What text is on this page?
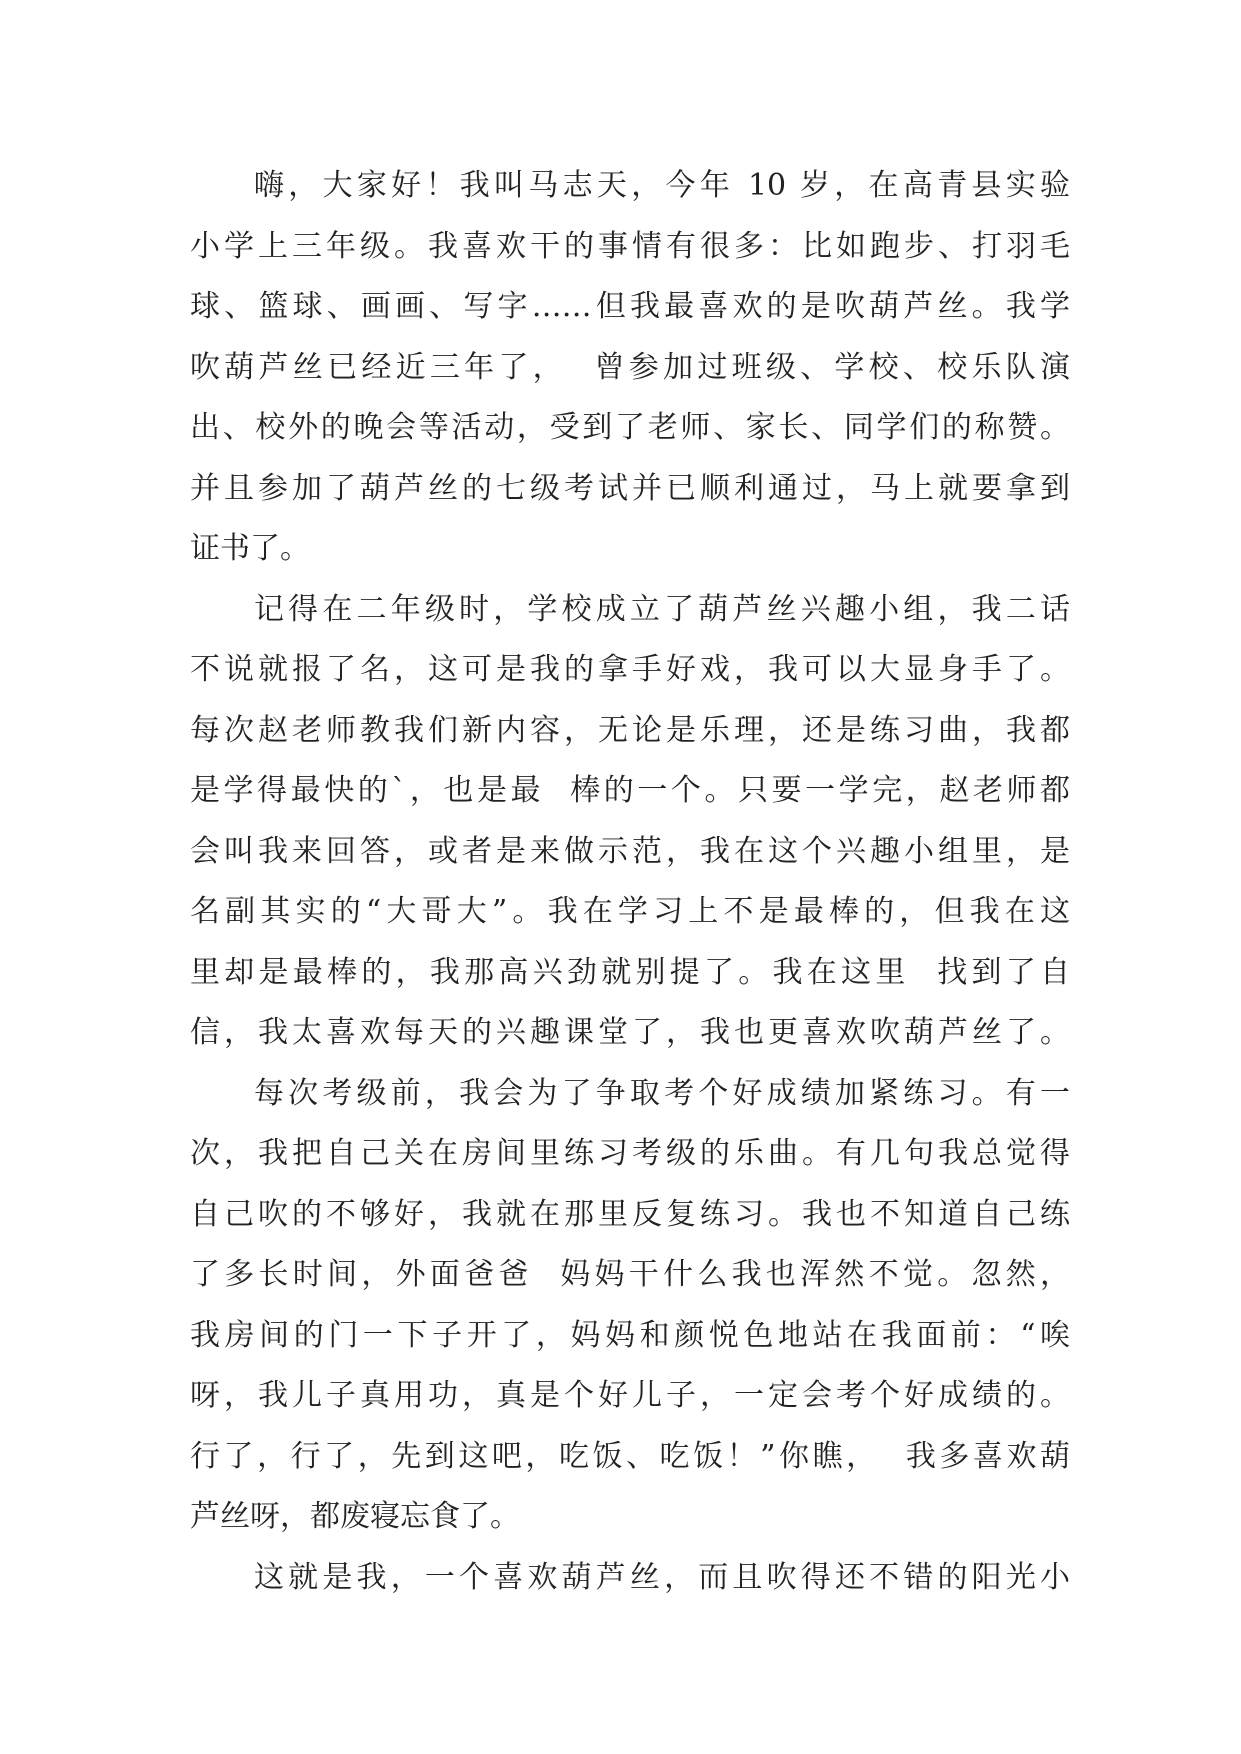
嗨，大家好！我叫马志天，今年 10 岁，在高青县实验
小学上三年级。我喜欢干的事情有很多：比如跑步、打羽毛
球、篮球、画画、写字……但我最喜欢的是吹葫芦丝。我学
吹葫芦丝已经近三年了，  曾参加过班级、学校、校乐队演
出、校外的晚会等活动，受到了老师、家长、同学们的称赞。
并且参加了葫芦丝的七级考试并已顺利通过，马上就要拿到
证书了。
记得在二年级时，学校成立了葫芦丝兴趣小组，我二话
不说就报了名，这可是我的拿手好戏，我可以大显身手了。
每次赵老师教我们新内容，无论是乐理，还是练习曲，我都
是学得最快的`，也是最  棒的一个。只要一学完，赵老师都
会叫我来回答，或者是来做示范，我在这个兴趣小组里，是
名副其实的“大哥大”。我在学习上不是最棒的，但我在这
里却是最棒的，我那高兴劲就别提了。我在这里  找到了自
信，我太喜欢每天的兴趣课堂了，我也更喜欢吹葫芦丝了。
每次考级前，我会为了争取考个好成绩加紧练习。有一
次，我把自己关在房间里练习考级的乐曲。有几句我总觉得
自己吹的不够好，我就在那里反复练习。我也不知道自己练
了多长时间，外面爸爸  妈妈干什么我也浑然不觉。忽然，
我房间的门一下子开了，妈妈和颜悦色地站在我面前：“唉
呀，我儿子真用功，真是个好儿子，一定会考个好成绩的。
行了，行了，先到这吧，吃饭、吃饭！”你瞧，  我多喜欢葫
芦丝呀，都废寝忘食了。
这就是我，一个喜欢葫芦丝，而且吹得还不错的阳光小
